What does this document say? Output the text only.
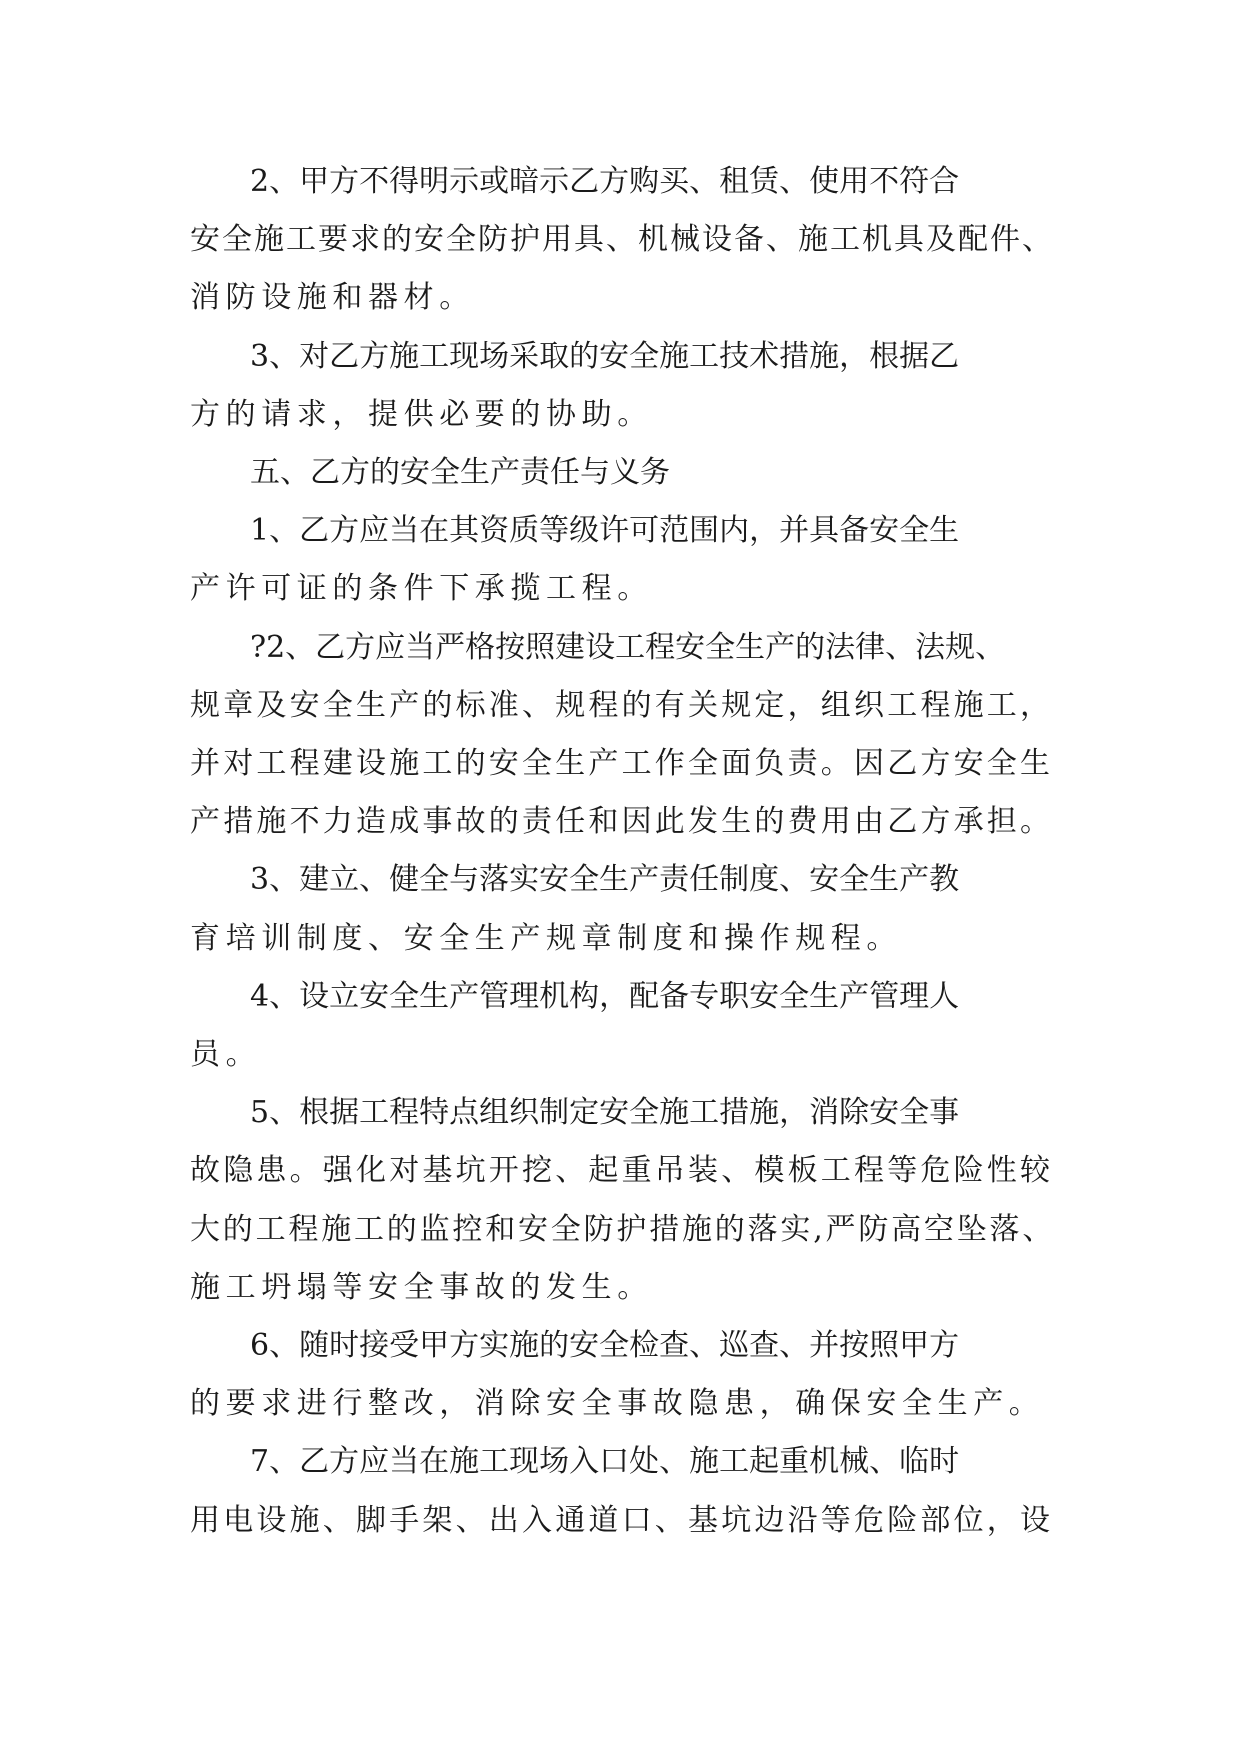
2、甲方不得明示或暗示乙方购买、租赁、使用不符合
安全施工要求的安全防护用具、机械设备、施工机具及配件、
消防设施和器材。

3、对乙方施工现场采取的安全施工技术措施，根据乙
方的请求，提供必要的协助。

五、乙方的安全生产责任与义务

1、乙方应当在其资质等级许可范围内，并具备安全生
产许可证的条件下承揽工程。

?2、乙方应当严格按照建设工程安全生产的法律、法规、
规章及安全生产的标准、规程的有关规定，组织工程施工，
并对工程建设施工的安全生产工作全面负责。因乙方安全生
产措施不力造成事故的责任和因此发生的费用由乙方承担。

3、建立、健全与落实安全生产责任制度、安全生产教
育培训制度、安全生产规章制度和操作规程。

4、设立安全生产管理机构，配备专职安全生产管理人
员。

5、根据工程特点组织制定安全施工措施，消除安全事
故隐患。强化对基坑开挖、起重吊装、模板工程等危险性较
大的工程施工的监控和安全防护措施的落实,严防高空坠落、
施工坍塌等安全事故的发生。

6、随时接受甲方实施的安全检查、巡查、并按照甲方
的要求进行整改，消除安全事故隐患，确保安全生产。

7、乙方应当在施工现场入口处、施工起重机械、临时
用电设施、脚手架、出入通道口、基坑边沿等危险部位，设
